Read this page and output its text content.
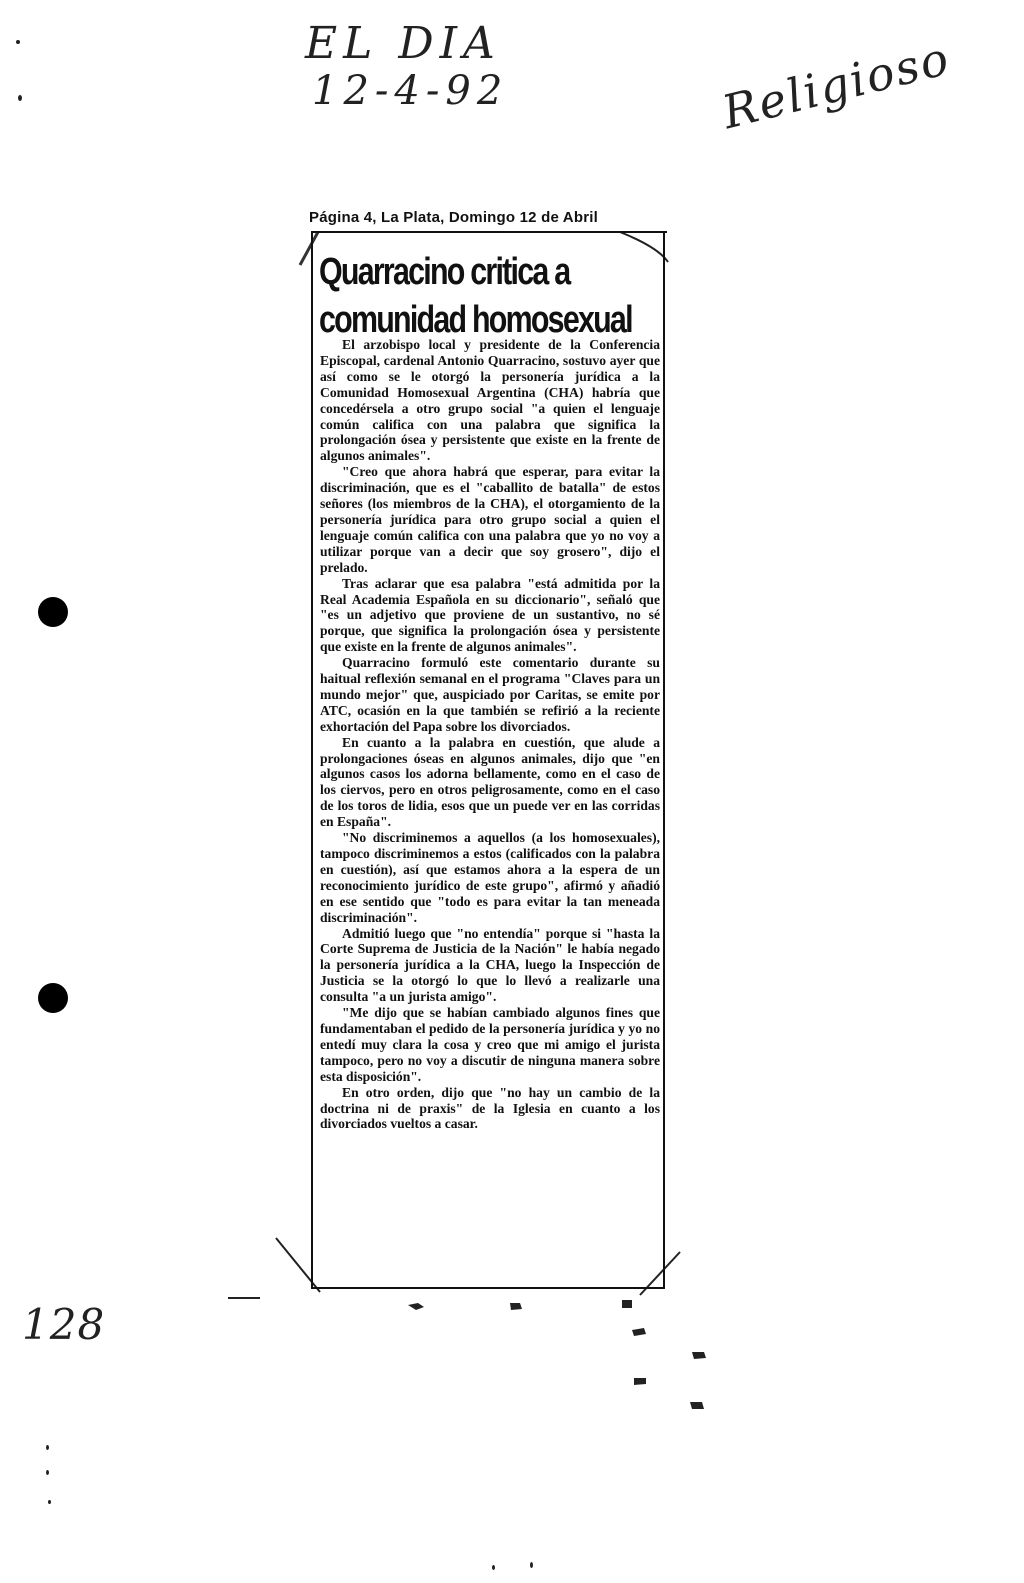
EL DIA
12-4-92	Religioso
128
Página 4, La Plata, Domingo 12 de Abril
Quarracino critica a
comunidad homosexual

El arzobispo local y presidente de la Conferencia Episcopal, cardenal Antonio Quarracino, sostuvo ayer que así como se le otorgó la personería jurídica a la Comunidad Homosexual Argentina (CHA) habría que concedérsela a otro grupo social "a quien el lenguaje común califica con una palabra que significa la prolongación ósea y persistente que existe en la frente de algunos animales".

"Creo que ahora habrá que esperar, para evitar la discriminación, que es el "caballito de batalla" de estos señores (los miembros de la CHA), el otorgamiento de la personería jurídica para otro grupo social a quien el lenguaje común califica con una palabra que yo no voy a utilizar porque van a decir que soy grosero", dijo el prelado.

Tras aclarar que esa palabra "está admitida por la Real Academia Española en su diccionario", señaló que "es un adjetivo que proviene de un sustantivo, no sé porque, que significa la prolongación ósea y persistente que existe en la frente de algunos animales".

Quarracino formuló este comentario durante su haitual reflexión semanal en el programa "Claves para un mundo mejor" que, auspiciado por Caritas, se emite por ATC, ocasión en la que también se refirió a la reciente exhortación del Papa sobre los divorciados.

En cuanto a la palabra en cuestión, que alude a prolongaciones óseas en algunos animales, dijo que "en algunos casos los adorna bellamente, como en el caso de los ciervos, pero en otros peligrosamente, como en el caso de los toros de lidia, esos que un puede ver en las corridas en España".

"No discriminemos a aquellos (a los homosexuales), tampoco discriminemos a estos (calificados con la palabra en cuestión), así que estamos ahora a la espera de un reconocimiento jurídico de este grupo", afirmó y añadió en ese sentido que "todo es para evitar la tan meneada discriminación".

Admitió luego que "no entendía" porque si "hasta la Corte Suprema de Justicia de la Nación" le había negado la personería jurídica a la CHA, luego la Inspección de Justicia se la otorgó lo que lo llevó a realizarle una consulta "a un jurista amigo".

"Me dijo que se habían cambiado algunos fines que fundamentaban el pedido de la personería jurídica y yo no entedí muy clara la cosa y creo que mi amigo el jurista tampoco, pero no voy a discutir de ninguna manera sobre esta disposición".

En otro orden, dijo que "no hay un cambio de la doctrina ni de praxis" de la Iglesia en cuanto a los divorciados vueltos a casar.
